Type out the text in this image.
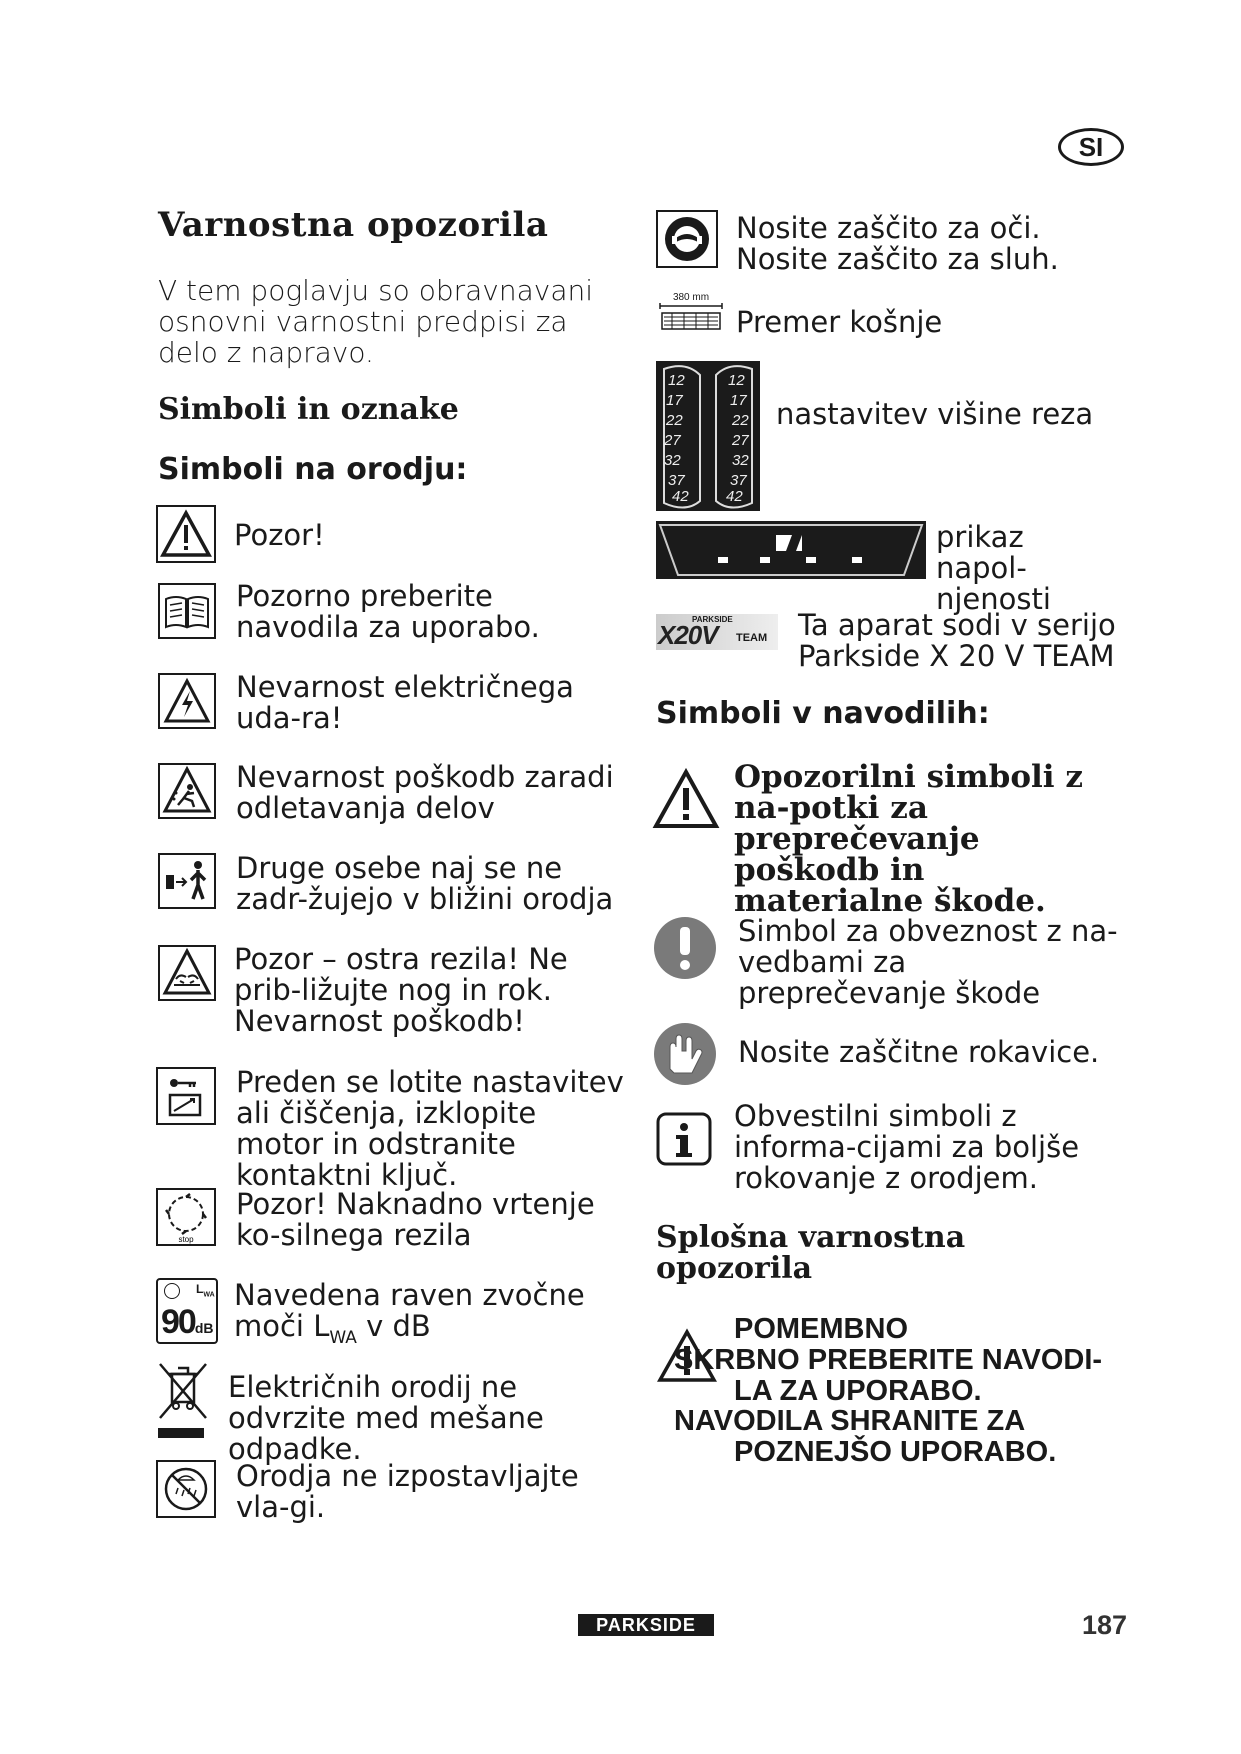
SI
Varnostna opozorila
V tem poglavju so obravnavani osnovni varnostni predpisi za delo z napravo.
Simboli in oznake
Simboli na orodju:
Pozor!
Pozorno preberite navodila za uporabo.
Nevarnost električnega uda-ra!
Nevarnost poškodb zaradi odletavanja delov
Druge osebe naj se ne zadr-žujejo v bližini orodja
Pozor – ostra rezila! Ne prib-ližujte nog in rok. Nevarnost poškodb!
Preden se lotite nastavitev ali čiščenja, izklopite motor in odstranite kontaktni ključ.
stop
Pozor! Naknadno vrtenje ko-silnega rezila
$L_{WA}$
90dB
Navedena raven zvočne moči $L_{WA}$ v dB
Električnih orodij ne odvrzite med mešane odpadke.
Orodja ne izpostavljajte vla-gi.
Nosite zaščito za oči. Nosite zaščito za sluh.
380 mm
Premer košnje
12
17
22
27
32
37
42
12
17
22
27
32
37
42
nastavitev višine reza
prikaz napol-njenosti
PARKSIDE
X20V TEAM Ta aparat sodi v serijo Parkside X 20 V TEAM
Simboli v navodilih:
Opozorilni simboli z na-potki za preprečevanje poškodb in materialne škode.
Simbol za obveznost z na-vedbami za preprečevanje škode
Nosite zaščitne rokavice.
Obvestilni simboli z informa-cijami za boljše rokovanje z orodjem.
Splošna varnostna opozorila
POMEMBNO
SKRBNO PREBERITE NAVODI-
LA ZA UPORABO.
NAVODILA SHRANITE ZA
POZNEJŠO UPORABO.
PARKSIDE	187
